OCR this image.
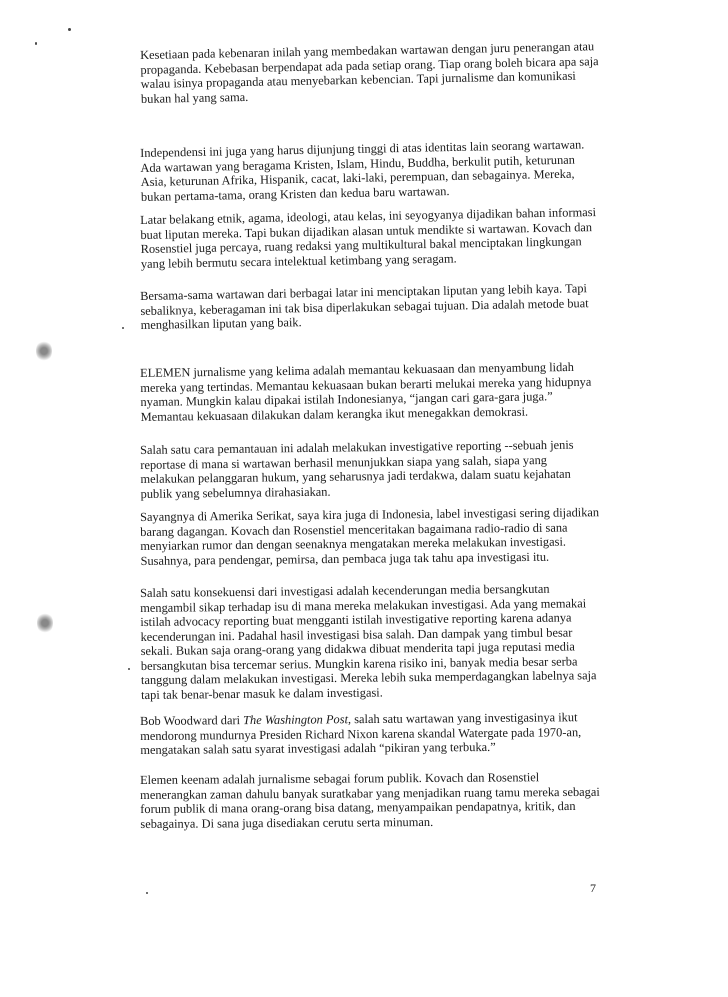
Kesetiaan pada kebenaran inilah yang membedakan wartawan dengan juru penerangan atau propaganda. Kebebasan berpendapat ada pada setiap orang. Tiap orang boleh bicara apa saja walau isinya propaganda atau menyebarkan kebencian. Tapi jurnalisme dan komunikasi bukan hal yang sama.

Independensi ini juga yang harus dijunjung tinggi di atas identitas lain seorang wartawan. Ada wartawan yang beragama Kristen, Islam, Hindu, Buddha, berkulit putih, keturunan Asia, keturunan Afrika, Hispanik, cacat, laki-laki, perempuan, dan sebagainya. Mereka, bukan pertama-tama, orang Kristen dan kedua baru wartawan.

Latar belakang etnik, agama, ideologi, atau kelas, ini seyogyanya dijadikan bahan informasi buat liputan mereka. Tapi bukan dijadikan alasan untuk mendikte si wartawan. Kovach dan Rosenstiel juga percaya, ruang redaksi yang multikultural bakal menciptakan lingkungan yang lebih bermutu secara intelektual ketimbang yang seragam.

Bersama-sama wartawan dari berbagai latar ini menciptakan liputan yang lebih kaya. Tapi sebaliknya, keberagaman ini tak bisa diperlakukan sebagai tujuan. Dia adalah metode buat menghasilkan liputan yang baik.

ELEMEN jurnalisme yang kelima adalah memantau kekuasaan dan menyambung lidah mereka yang tertindas. Memantau kekuasaan bukan berarti melukai mereka yang hidupnya nyaman. Mungkin kalau dipakai istilah Indonesianya, “jangan cari gara-gara juga.” Memantau kekuasaan dilakukan dalam kerangka ikut menegakkan demokrasi.

Salah satu cara pemantauan ini adalah melakukan investigative reporting --sebuah jenis reportase di mana si wartawan berhasil menunjukkan siapa yang salah, siapa yang melakukan pelanggaran hukum, yang seharusnya jadi terdakwa, dalam suatu kejahatan publik yang sebelumnya dirahasiakan.

Sayangnya di Amerika Serikat, saya kira juga di Indonesia, label investigasi sering dijadikan barang dagangan. Kovach dan Rosenstiel menceritakan bagaimana radio-radio di sana menyiarkan rumor dan dengan seenaknya mengatakan mereka melakukan investigasi. Susahnya, para pendengar, pemirsa, dan pembaca juga tak tahu apa investigasi itu.

Salah satu konsekuensi dari investigasi adalah kecenderungan media bersangkutan mengambil sikap terhadap isu di mana mereka melakukan investigasi. Ada yang memakai istilah advocacy reporting buat mengganti istilah investigative reporting karena adanya kecenderungan ini. Padahal hasil investigasi bisa salah. Dan dampak yang timbul besar sekali. Bukan saja orang-orang yang didakwa dibuat menderita tapi juga reputasi media bersangkutan bisa tercemar serius. Mungkin karena risiko ini, banyak media besar serba tanggung dalam melakukan investigasi. Mereka lebih suka memperdagangkan labelnya saja tapi tak benar-benar masuk ke dalam investigasi.

Bob Woodward dari The Washington Post, salah satu wartawan yang investigasinya ikut mendorong mundurnya Presiden Richard Nixon karena skandal Watergate pada 1970-an, mengatakan salah satu syarat investigasi adalah “pikiran yang terbuka.”

Elemen keenam adalah jurnalisme sebagai forum publik. Kovach dan Rosenstiel menerangkan zaman dahulu banyak suratkabar yang menjadikan ruang tamu mereka sebagai forum publik di mana orang-orang bisa datang, menyampaikan pendapatnya, kritik, dan sebagainya. Di sana juga disediakan cerutu serta minuman.

7
